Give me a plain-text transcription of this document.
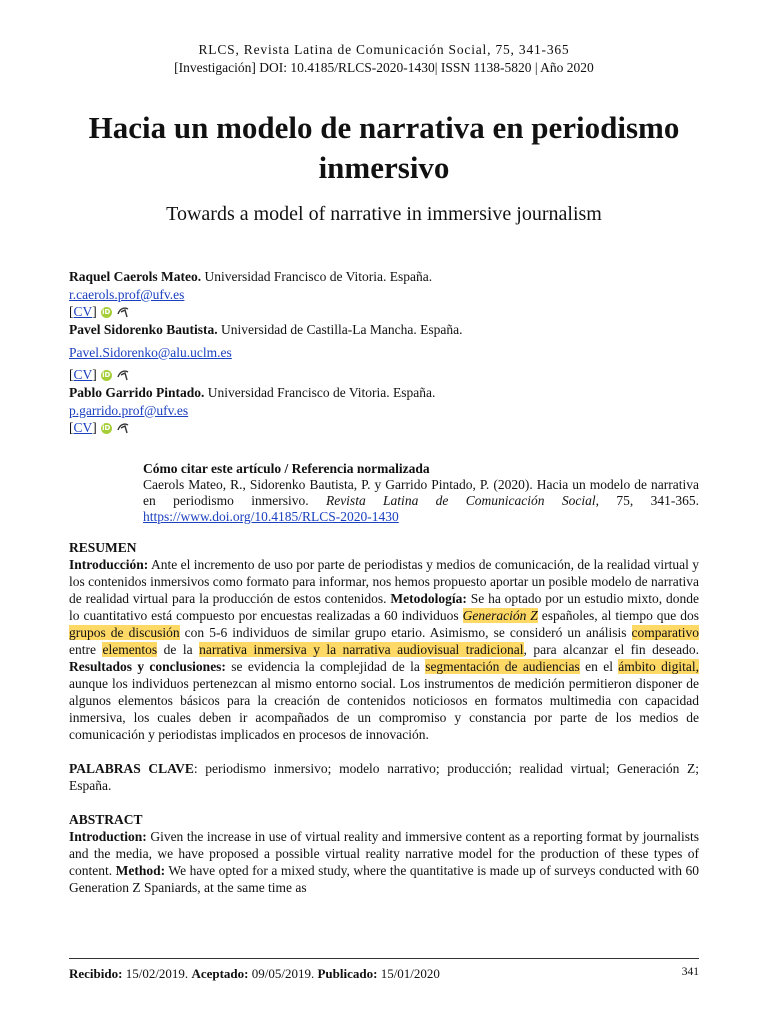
RLCS, Revista Latina de Comunicación Social, 75, 341-365
[Investigación] DOI: 10.4185/RLCS-2020-1430| ISSN 1138-5820 | Año 2020
Hacia un modelo de narrativa en periodismo inmersivo
Towards a model of narrative in immersive journalism
Raquel Caerols Mateo. Universidad Francisco de Vitoria. España.
r.caerols.prof@ufv.es
[CV] iD
Pavel Sidorenko Bautista. Universidad de Castilla-La Mancha. España.
Pavel.Sidorenko@alu.uclm.es
[CV] iD
Pablo Garrido Pintado. Universidad Francisco de Vitoria. España.
p.garrido.prof@ufv.es
[CV] iD
Cómo citar este artículo / Referencia normalizada
Caerols Mateo, R., Sidorenko Bautista, P. y Garrido Pintado, P. (2020). Hacia un modelo de narrativa en periodismo inmersivo. Revista Latina de Comunicación Social, 75, 341-365. https://www.doi.org/10.4185/RLCS-2020-1430

RESUMEN

Introducción: Ante el incremento de uso por parte de periodistas y medios de comunicación, de la realidad virtual y los contenidos inmersivos como formato para informar, nos hemos propuesto aportar un posible modelo de narrativa de realidad virtual para la producción de estos contenidos. Metodología: Se ha optado por un estudio mixto, donde lo cuantitativo está compuesto por encuestas realizadas a 60 individuos Generación Z españoles, al tiempo que dos grupos de discusión con 5-6 individuos de similar grupo etario. Asimismo, se consideró un análisis comparativo entre elementos de la narrativa inmersiva y la narrativa audiovisual tradicional, para alcanzar el fin deseado. Resultados y conclusiones: se evidencia la complejidad de la segmentación de audiencias en el ámbito digital, aunque los individuos pertenezcan al mismo entorno social. Los instrumentos de medición permitieron disponer de algunos elementos básicos para la creación de contenidos noticiosos en formatos multimedia con capacidad inmersiva, los cuales deben ir acompañados de un compromiso y constancia por parte de los medios de comunicación y periodistas implicados en procesos de innovación.

PALABRAS CLAVE: periodismo inmersivo; modelo narrativo; producción; realidad virtual; Generación Z; España.

ABSTRACT

Introduction: Given the increase in use of virtual reality and immersive content as a reporting format by journalists and the media, we have proposed a possible virtual reality narrative model for the production of these types of content. Method: We have opted for a mixed study, where the quantitative is made up of surveys conducted with 60 Generation Z Spaniards, at the same time as

Recibido: 15/02/2019. Aceptado: 09/05/2019. Publicado: 15/01/2020	341
